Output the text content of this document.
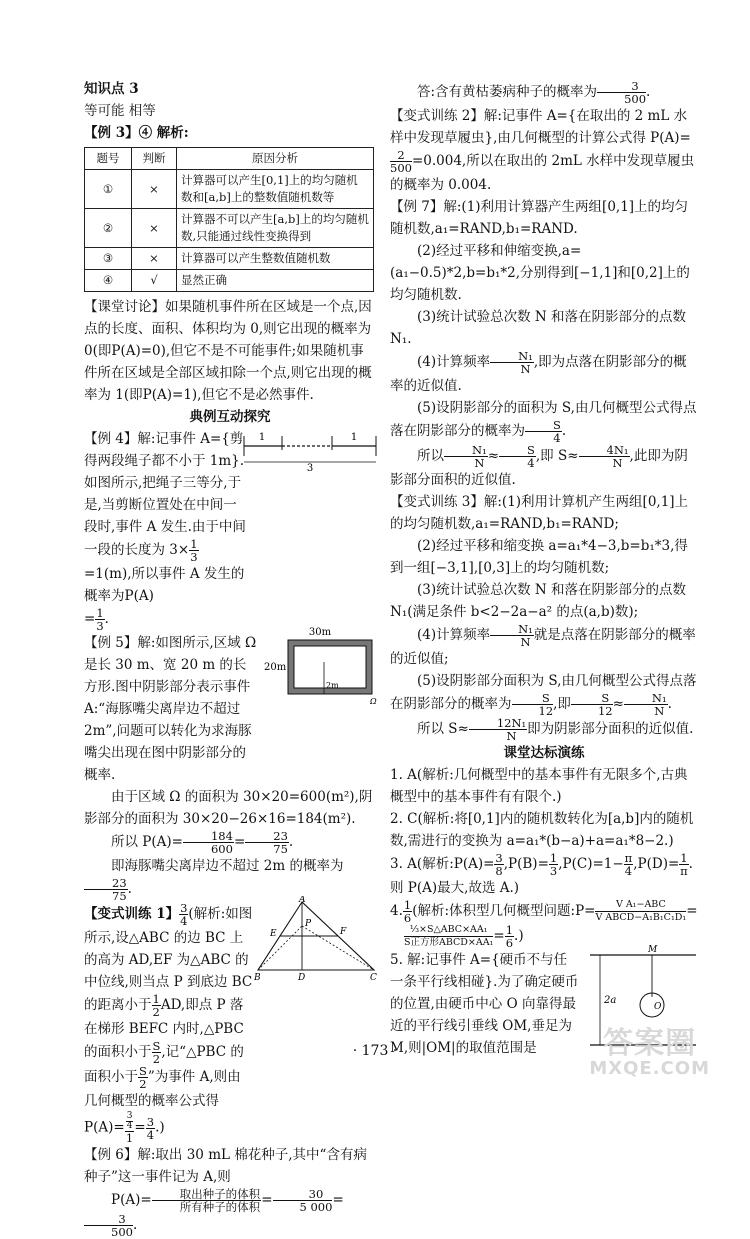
知识点 3

等可能 相等

【例 3】④ 解析:

题号	判断	原因分析
①	×	计算器可以产生[0,1]上的均匀随机数和[a,b]上的整数值随机数等
②	×	计算器不可以产生[a,b]上的均匀随机数,只能通过线性变换得到
③	×	计算器可以产生整数值随机数
④	√	显然正确

【课堂讨论】如果随机事件所在区域是一个点,因点的长度、面积、体积均为 0,则它出现的概率为 0(即P(A)=0),但它不是不可能事件;如果随机事件所在区域是全部区域扣除一个点,则它出现的概率为 1(即P(A)=1),但它不是必然事件.

典例互动探究

【例 4】解:记事件 A={剪得两段绳子都不小于 1m}.如图所示,把绳子三等分,于是,当剪断位置处在中间一段时,事件 A 发生.由于中间一段的长度为 $3\times \frac{1}{3}$
=1(m),所以事件 A 发生的概率为P(A)

= $\frac{1}{3}$ .

1	1
3

【例 5】解:如图所示,区域 Ω 是长 30 m、宽 20 m 的长方形.图中阴影部分表示事件 A:“海豚嘴尖离岸边不超过 2m”,问题可以转化为求海豚嘴尖出现在图中阴影部分的概率.

30m
20m
2m
Ω

由于区域 Ω 的面积为 30×20=600(m²),阴影部分的面积为 30×20−26×16=184(m²).

所以 $P(A)= \frac{184}{600} = \frac{23}{75}$ .

即海豚嘴尖离岸边不超过 2m 的概率为
$\frac{23}{75}$ .

【变式训练 1】 $\frac{3}{4}$ (解析:如图所示,设△ABC 的边 BC 上的高为 AD,EF 为△ABC 的中位线,则当点 P 到底边 BC 的距离小于 $\frac{1}{2}$ AD,即点 P 落在梯形 BEFC 内时,△PBC 的面积小于 $\frac{S}{2}$ ,记“△PBC 的面积小于 $\frac{S}{2}$ ”为事件 A,则由几何概型的概率公式得P(A)= 3
4
$1 = \frac{3}{4}$ .)

A
E
P
F
B	D	C

【例 6】解:取出 30 mL 棉花种子,其中“含有病种子”这一事件记为 A,则

$P(A)= \frac{\text{取出种子的体积}}{\text{所有种子的体积}} = \frac{30}{5 000}$ =
$\frac{3}{500}$ .

答:含有黄枯萎病种子的概率为 $\frac{3}{500}$ .

【变式训练 2】解:记事件 A={在取出的 2 mL 水样中发现草履虫},由几何概型的计算公式得 P(A)=
$\frac{2}{500} =0.004$,所以在取出的 2mL 水样中发现草履虫的概率为 0.004.

【例 7】解:(1)利用计算器产生两组[0,1]上的均匀随机数,a₁=RAND,b₁=RAND.

(2)经过平移和伸缩变换,a=(a₁−0.5)*2,b=b₁*2,分别得到[−1,1]和[0,2]上的均匀随机数.

(3)统计试验总次数 N 和落在阴影部分的点数 N₁.

(4)计算频率 $\frac{\text{N₁}}{N}$ ,即为点落在阴影部分的概率的近似值.

(5)设阴影部分的面积为 S,由几何概型公式得点落在阴影部分的概率为 $\frac{S}{4}$ .

所以 $\frac{\text{N₁}}{N} \approx \frac{S}{4}$ ,即 $S\approx \frac{\text{4N₁}}{N}$ ,此即为阴影部分面积的近似值.

【变式训练 3】解:(1)利用计算机产生两组[0,1]上的均匀随机数,a₁=RAND,b₁=RAND;

(2)经过平移和缩变换 a=a₁*4−3,b=b₁*3,得到一组[−3,1],[0,3]上的均匀随机数;

(3)统计试验总次数 N 和落在阴影部分的点数 N₁(满足条件 b<2−2a−a² 的点(a,b)数);

(4)计算频率 $\frac{\text{N₁}}{N}$ 就是点落在阴影部分的概率的近似值;

(5)设阴影部分面积为 S,由几何概型公式得点落在阴影部分的概率为 $\frac{S}{12}$ ,即 $\frac{S}{12} \approx \frac{\text{N₁}}{N}$ .

所以 $S\approx \frac{\text{12N₁}}{N}$ 即为阴影部分面积的近似值.

课堂达标演练

1. A(解析:几何概型中的基本事件有无限多个,古典概型中的基本事件有有限个.)

2. C(解析:将[0,1]内的随机数转化为[a,b]内的随机数,需进行的变换为 a=a₁*(b−a)+a=a₁*8−2.)

3. A(解析:P(A)= $\frac{3}{8} ,P(B)= \frac{1}{3} ,P(C)=1- \frac{\pi}{4} ,P(D)= \frac{1}{\pi}$ . 则 P(A)最大,故选 A.)

4. $\frac{1}{6}$ (解析:体积型几何概型问题:P= $\frac{\text{V A₁−ABC}}{\text{V ABCD−A₁B₁C₁D₁}}$ =

$\frac{\text{⅓×S△ABC×AA₁}}{\text{S正方形ABCD×AA₁}} = \frac{1}{6}$ .)

5. 解:记事件 A={硬币不与任一条平行线相碰}.为了确定硬币的位置,由硬币中心 O 向靠得最近的平行线引垂线 OM,垂足为 M,则|OM|的取值范围是

2a
M
O
· 173 ·	答案圈
MXQE.COM
